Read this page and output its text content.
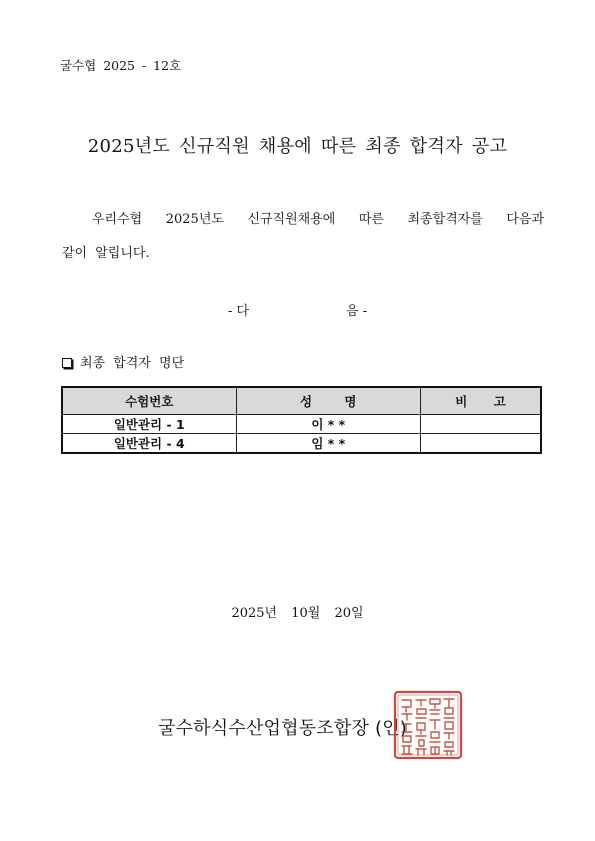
굴수협 2025 - 12호
2025년도 신규직원 채용에 따른 최종 합격자 공고
우리수협 2025년도 신규직원채용에 따른 최종합격자를 다음과
같이 알립니다.
- 다	음 -
최종 합격자 명단
수험번호	성 명	비 고
일반관리 - 1	이 * *	
일반관리 - 4	임 * *	
2025년 10월 20일
굴수하식수산업협동조합장 (인)
